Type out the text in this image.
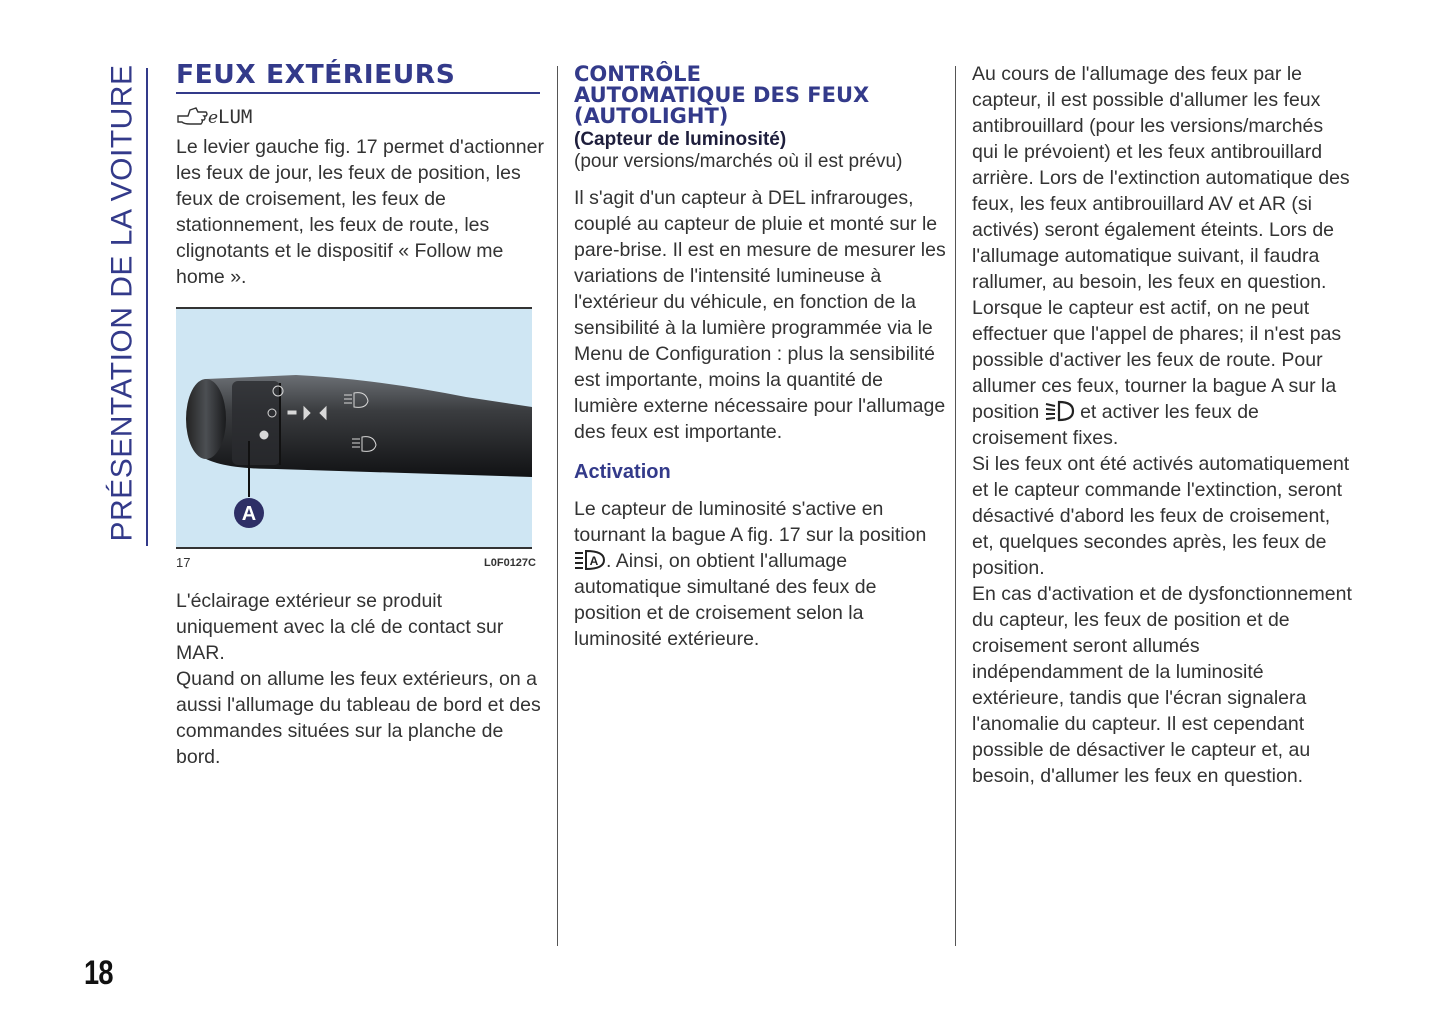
PRÉSENTATION DE LA VOITURE FEUX EXTÉRIEURS
e LUM

Le levier gauche fig. 17 permet d'actionner les feux de jour, les feux de position, les feux de croisement, les feux de stationnement, les feux de route, les clignotants et le dispositif « Follow me home ».

A
17	L0F0127C

L'éclairage extérieur se produit uniquement avec la clé de contact sur MAR.

Quand on allume les feux extérieurs, on a aussi l'allumage du tableau de bord et des commandes situées sur la planche de bord.

CONTRÔLE
AUTOMATIQUE DES FEUX
(AUTOLIGHT)
(Capteur de luminosité)
(pour versions/marchés où il est prévu)

Il s'agit d'un capteur à DEL infrarouges, couplé au capteur de pluie et monté sur le pare-brise. Il est en mesure de mesurer les variations de l'intensité lumineuse à l'extérieur du véhicule, en fonction de la sensibilité à la lumière programmée via le Menu de Configuration : plus la sensibilité est importante, moins la quantité de lumière externe nécessaire pour l'allumage des feux est importante.

Activation

Le capteur de luminosité s'active en tournant la bague A fig. 17 sur la position
A . Ainsi, on obtient l'allumage automatique simultané des feux de position et de croisement selon la luminosité extérieure.

Au cours de l'allumage des feux par le capteur, il est possible d'allumer les feux antibrouillard (pour les versions/marchés qui le prévoient) et les feux antibrouillard arrière. Lors de l'extinction automatique des feux, les feux antibrouillard AV et AR (si activés) seront également éteints. Lors de l'allumage automatique suivant, il faudra rallumer, au besoin, les feux en question.

Lorsque le capteur est actif, on ne peut effectuer que l'appel de phares; il n'est pas possible d'activer les feux de route. Pour allumer ces feux, tourner la bague A sur la position et activer les feux de croisement fixes.

Si les feux ont été activés automatiquement et le capteur commande l'extinction, seront désactivé d'abord les feux de croisement, et, quelques secondes après, les feux de position.

En cas d'activation et de dysfonctionnement du capteur, les feux de position et de croisement seront allumés indépendamment de la luminosité extérieure, tandis que l'écran signalera l'anomalie du capteur. Il est cependant possible de désactiver le capteur et, au besoin, d'allumer les feux en question.

18
